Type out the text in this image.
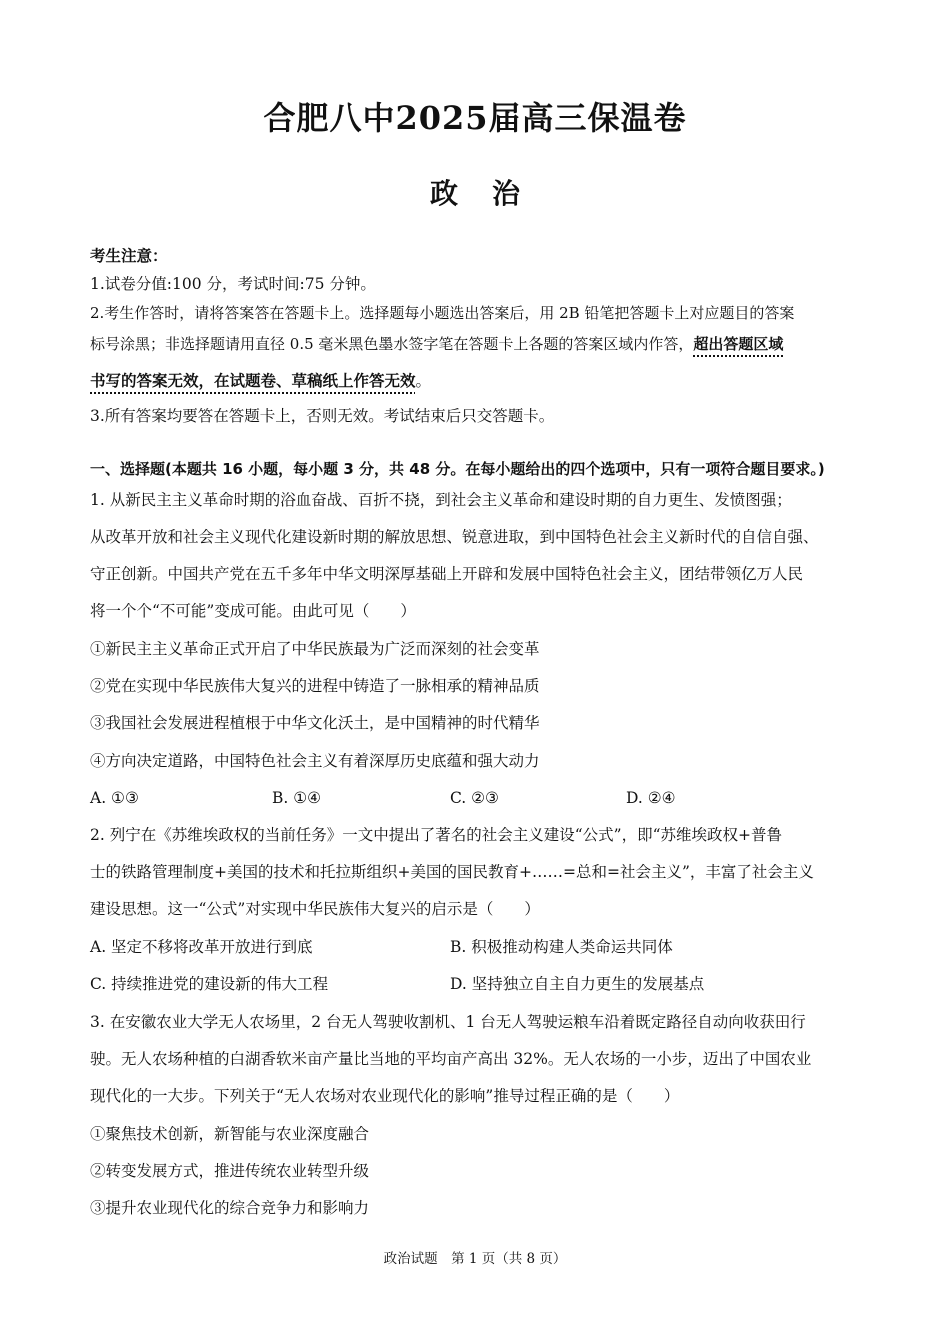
合肥八中2025届高三保温卷
政治
考生注意：
1.试卷分值:100 分，考试时间:75 分钟。
2.考生作答时，请将答案答在答题卡上。选择题每小题选出答案后，用 2B 铅笔把答题卡上对应题目的答案
标号涂黑；非选择题请用直径 0.5 毫米黑色墨水签字笔在答题卡上各题的答案区域内作答，超出答题区域
书写的答案无效，在试题卷、草稿纸上作答无效。
3.所有答案均要答在答题卡上，否则无效。考试结束后只交答题卡。
一、选择题(本题共 16 小题，每小题 3 分，共 48 分。在每小题给出的四个选项中，只有一项符合题目要求。)
1. 从新民主主义革命时期的浴血奋战、百折不挠，到社会主义革命和建设时期的自力更生、发愤图强；
从改革开放和社会主义现代化建设新时期的解放思想、锐意进取，到中国特色社会主义新时代的自信自强、
守正创新。中国共产党在五千多年中华文明深厚基础上开辟和发展中国特色社会主义，团结带领亿万人民
将一个个“不可能”变成可能。由此可见（　　）
①新民主主义革命正式开启了中华民族最为广泛而深刻的社会变革
②党在实现中华民族伟大复兴的进程中铸造了一脉相承的精神品质
③我国社会发展进程植根于中华文化沃土，是中国精神的时代精华
④方向决定道路，中国特色社会主义有着深厚历史底蕴和强大动力
A. ①③	B. ①④	C. ②③	D. ②④
2. 列宁在《苏维埃政权的当前任务》一文中提出了著名的社会主义建设“公式”，即“苏维埃政权+普鲁
士的铁路管理制度+美国的技术和托拉斯组织+美国的国民教育+……=总和=社会主义”，丰富了社会主义
建设思想。这一“公式”对实现中华民族伟大复兴的启示是（　　）
A. 坚定不移将改革开放进行到底	B. 积极推动构建人类命运共同体
C. 持续推进党的建设新的伟大工程	D. 坚持独立自主自力更生的发展基点
3. 在安徽农业大学无人农场里，2 台无人驾驶收割机、1 台无人驾驶运粮车沿着既定路径自动向收获田行
驶。无人农场种植的白湖香软米亩产量比当地的平均亩产高出 32%。无人农场的一小步，迈出了中国农业
现代化的一大步。下列关于“无人农场对农业现代化的影响”推导过程正确的是（　　）
①聚焦技术创新，新智能与农业深度融合
②转变发展方式，推进传统农业转型升级
③提升农业现代化的综合竞争力和影响力
政治试题　第 1 页（共 8 页）
